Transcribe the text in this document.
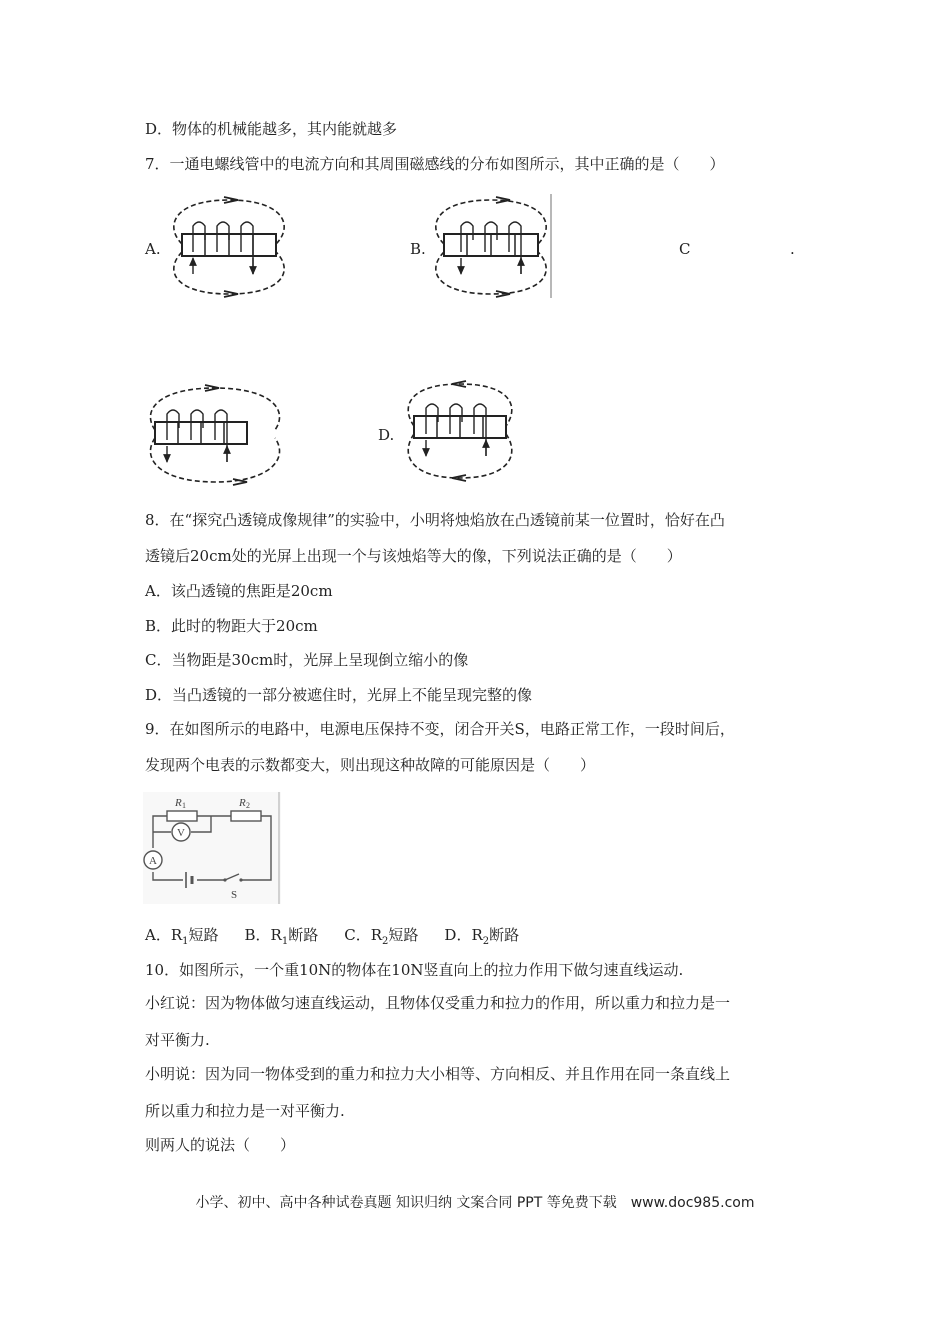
D．物体的机械能越多，其内能就越多
7．一通电螺线管中的电流方向和其周围磁感线的分布如图所示，其中正确的是（　　）
A.	B.	C	.
D.
8．在“探究凸透镜成像规律”的实验中，小明将烛焰放在凸透镜前某一位置时，恰好在凸
透镜后20cm处的光屏上出现一个与该烛焰等大的像，下列说法正确的是（　　）
A．该凸透镜的焦距是20cm
B．此时的物距大于20cm
C．当物距是30cm时，光屏上呈现倒立缩小的像
D．当凸透镜的一部分被遮住时，光屏上不能呈现完整的像
9．在如图所示的电路中，电源电压保持不变，闭合开关S，电路正常工作，一段时间后，
发现两个电表的示数都变大，则出现这种故障的可能原因是（　　）
V
A
R 1	R 2
S
A．$R_1$短路 B．$R_1$断路 C．$R_2$短路 D．$R_2$断路
10．如图所示，一个重10N的物体在10N竖直向上的拉力作用下做匀速直线运动.
小红说：因为物体做匀速直线运动，且物体仅受重力和拉力的作用，所以重力和拉力是一
对平衡力.
小明说：因为同一物体受到的重力和拉力大小相等、方向相反、并且作用在同一条直线上
所以重力和拉力是一对平衡力.
则两人的说法（　　）
小学、初中、高中各种试卷真题 知识归纳 文案合同 PPT 等免费下载　www.doc985.com
